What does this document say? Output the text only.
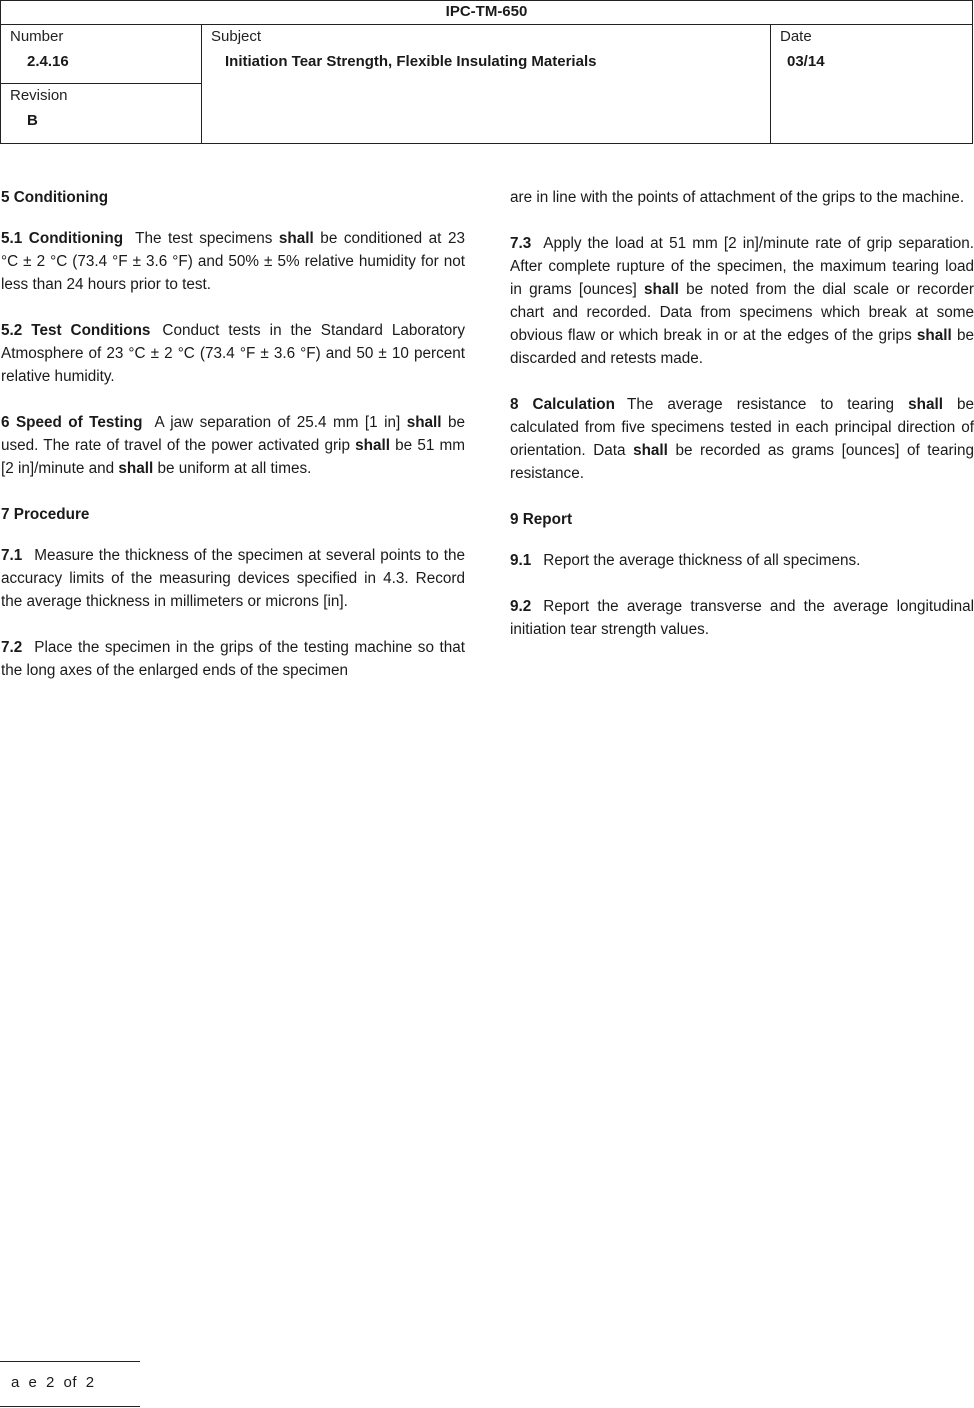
IPC-TM-650

Number
2.4.16

Subject
Initiation Tear Strength, Flexible Insulating Materials

Date
03/14

Revision
B

5 Conditioning

5.1 Conditioning The test specimens shall be conditioned at 23 °C ± 2 °C (73.4 °F ± 3.6 °F) and 50% ± 5% relative humidity for not less than 24 hours prior to test.

5.2 Test Conditions Conduct tests in the Standard Laboratory Atmosphere of 23 °C ± 2 °C (73.4 °F ± 3.6 °F) and 50 ± 10 percent relative humidity.

6 Speed of Testing A jaw separation of 25.4 mm [1 in] shall be used. The rate of travel of the power activated grip shall be 51 mm [2 in]/minute and shall be uniform at all times.

7 Procedure

7.1 Measure the thickness of the specimen at several points to the accuracy limits of the measuring devices specified in 4.3. Record the average thickness in millimeters or microns [in].

7.2 Place the specimen in the grips of the testing machine so that the long axes of the enlarged ends of the specimen

are in line with the points of attachment of the grips to the machine.

7.3 Apply the load at 51 mm [2 in]/minute rate of grip separation. After complete rupture of the specimen, the maximum tearing load in grams [ounces] shall be noted from the dial scale or recorder chart and recorded. Data from specimens which break at some obvious flaw or which break in or at the edges of the grips shall be discarded and retests made.

8 Calculation The average resistance to tearing shall be calculated from five specimens tested in each principal direction of orientation. Data shall be recorded as grams [ounces] of tearing resistance.

9 Report

9.1 Report the average thickness of all specimens.

9.2 Report the average transverse and the average longitudinal initiation tear strength values.

a e 2 of 2
